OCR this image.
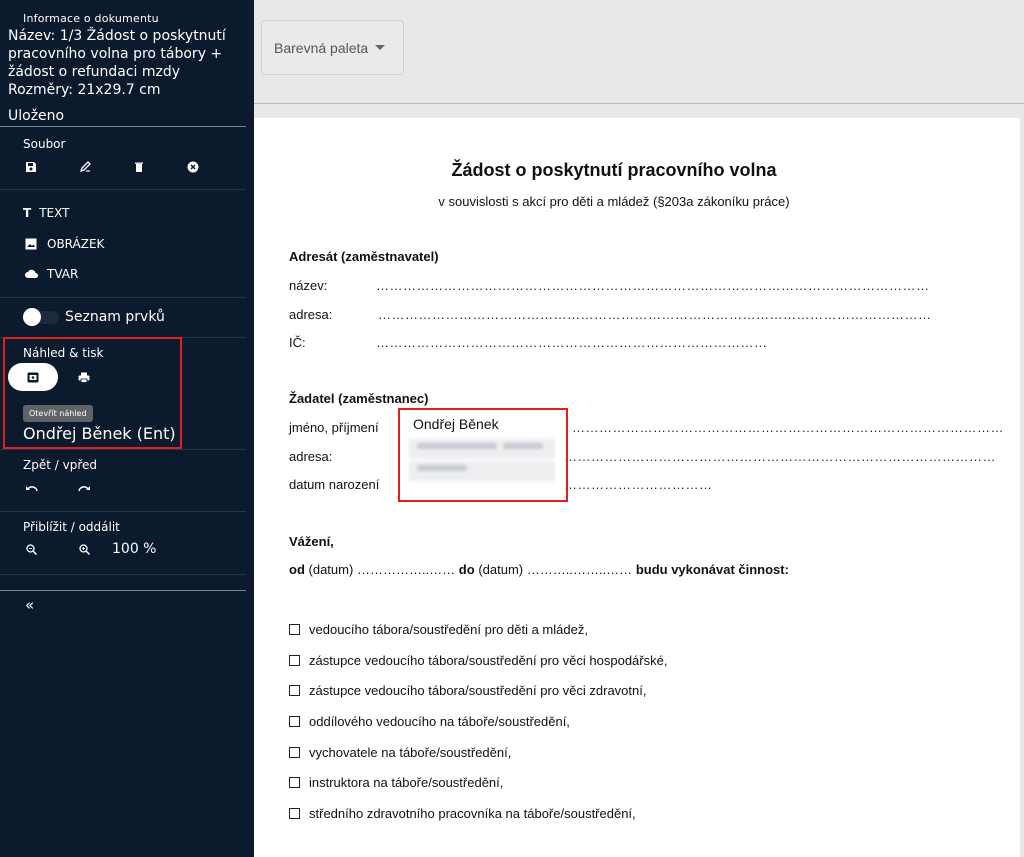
Informace o dokumentu
Název: 1/3 Žádost o poskytnutí pracovního volna pro tábory + žádost o refundaci mzdy
Rozměry: 21x29.7 cm
Uloženo
Soubor
T TEXT
OBRÁZEK
TVAR
Seznam prvků
Náhled & tisk
Otevřít náhled
Ondřej Běnek (Ent)
Zpět / vpřed
Přiblížit / oddálit
100 %
«
Barevná paleta
Žádost o poskytnutí pracovního volna
v souvislosti s akcí pro děti a mládež (§203a zákoníku práce)
Adresát (zaměstnavatel)
název:	……………………………………………………………………………………………………………
adresa:	……………………………………………………………………………………………………………
IČ:	……………………………………………………………………………
Žadatel (zaměstnanec)
jméno, příjmení	……………………………………………………………………………………
adresa:	……………………………………………………………………………………
datum narození	……………………………
Ondřej Běnek
Vážení,
od (datum) ……………..…… do (datum) ………..……..…… budu vykonávat činnost:
vedoucího tábora/soustředění pro děti a mládež,
zástupce vedoucího tábora/soustředění pro věci hospodářské,
zástupce vedoucího tábora/soustředění pro věci zdravotní,
oddílového vedoucího na táboře/soustředění,
vychovatele na táboře/soustředění,
instruktora na táboře/soustředění,
středního zdravotního pracovníka na táboře/soustředění,
